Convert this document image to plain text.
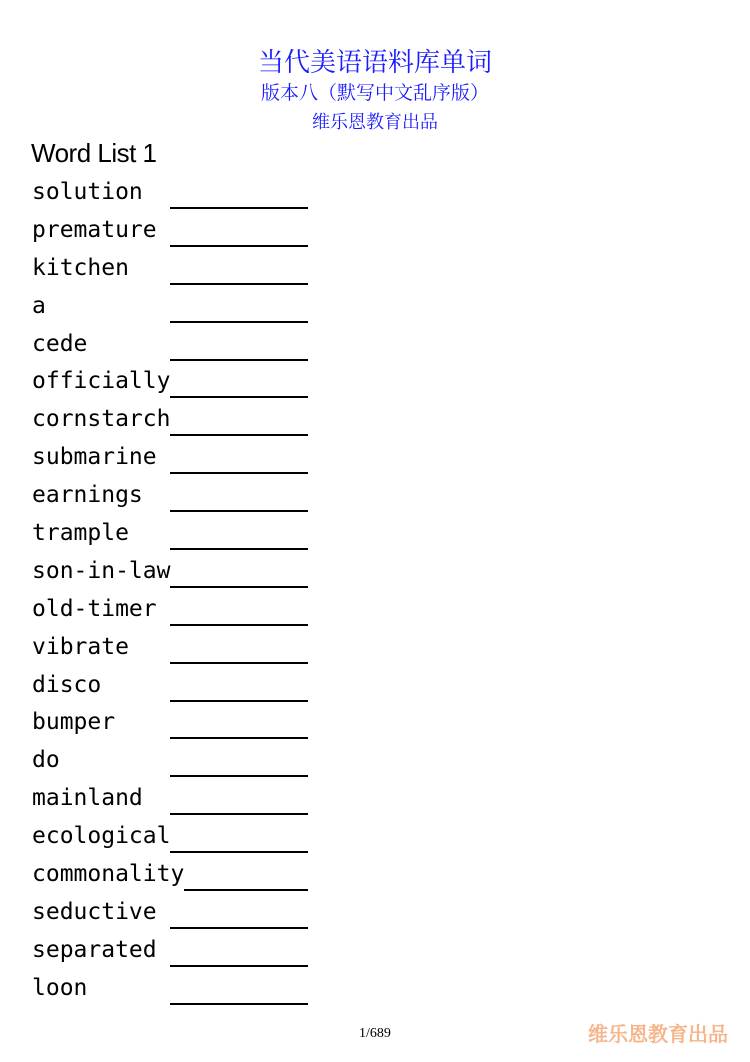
当代美语语料库单词
版本八（默写中文乱序版）
维乐恩教育出品
Word List 1
solution
premature
kitchen
a
cede
officially
cornstarch
submarine
earnings
trample
son-in-law
old-timer
vibrate
disco
bumper
do
mainland
ecological
commonality
seductive
separated
loon
1/689	维乐恩教育出品
